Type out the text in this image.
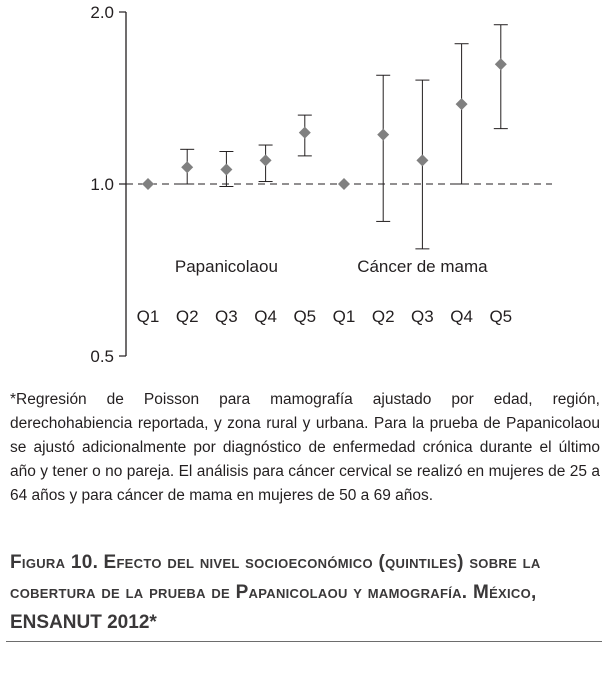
2.0
1.0
0.5
Papanicolaou	Cáncer de mama
Q1 Q2 Q3 Q4 Q5 Q1 Q2 Q3 Q4 Q5
*Regresión de Poisson para mamografía ajustado por edad, región, derechohabiencia reportada, y zona rural y urbana. Para la prueba de Papanicolaou se ajustó adicionalmente por diagnóstico de enfermedad crónica durante el último año y tener o no pareja. El análisis para cáncer cervical se realizó en mujeres de 25 a 64 años y para cáncer de mama en mujeres de 50 a 69 años.
Figura 10. Efecto del nivel socioeconómico (quintiles) sobre la cobertura de la prueba de Papanicolaou y mamografía. México, ENSANUT 2012*
